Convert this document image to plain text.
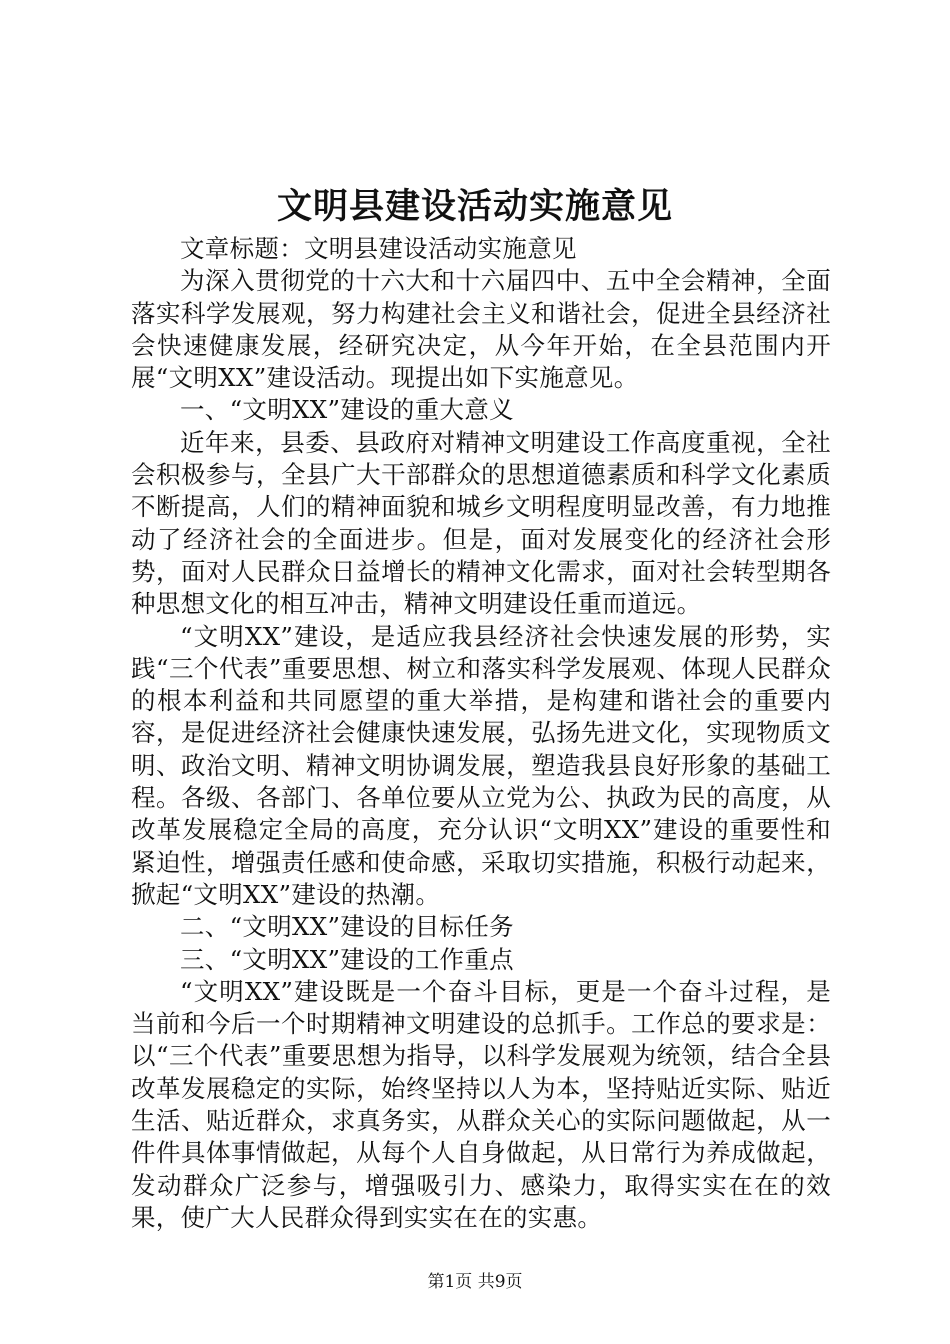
文明县建设活动实施意见

文章标题：文明县建设活动实施意见

为深入贯彻党的十六大和十六届四中、五中全会精神，全面落实科学发展观，努力构建社会主义和谐社会，促进全县经济社会快速健康发展，经研究决定，从今年开始，在全县范围内开展“文明XX”建设活动。现提出如下实施意见。

一、“文明XX”建设的重大意义

近年来，县委、县政府对精神文明建设工作高度重视，全社会积极参与，全县广大干部群众的思想道德素质和科学文化素质不断提高，人们的精神面貌和城乡文明程度明显改善，有力地推动了经济社会的全面进步。但是，面对发展变化的经济社会形势，面对人民群众日益增长的精神文化需求，面对社会转型期各种思想文化的相互冲击，精神文明建设任重而道远。

“文明XX”建设，是适应我县经济社会快速发展的形势，实践“三个代表”重要思想、树立和落实科学发展观、体现人民群众的根本利益和共同愿望的重大举措，是构建和谐社会的重要内容，是促进经济社会健康快速发展，弘扬先进文化，实现物质文明、政治文明、精神文明协调发展，塑造我县良好形象的基础工程。各级、各部门、各单位要从立党为公、执政为民的高度，从改革发展稳定全局的高度，充分认识“文明XX”建设的重要性和紧迫性，增强责任感和使命感，采取切实措施，积极行动起来，掀起“文明XX”建设的热潮。

二、“文明XX”建设的目标任务

三、“文明XX”建设的工作重点

“文明XX”建设既是一个奋斗目标，更是一个奋斗过程，是当前和今后一个时期精神文明建设的总抓手。工作总的要求是：以“三个代表”重要思想为指导，以科学发展观为统领，结合全县改革发展稳定的实际，始终坚持以人为本，坚持贴近实际、贴近生活、贴近群众，求真务实，从群众关心的实际问题做起，从一件件具体事情做起，从每个人自身做起，从日常行为养成做起，发动群众广泛参与，增强吸引力、感染力，取得实实在在的效果，使广大人民群众得到实实在在的实惠。

第1页 共9页
